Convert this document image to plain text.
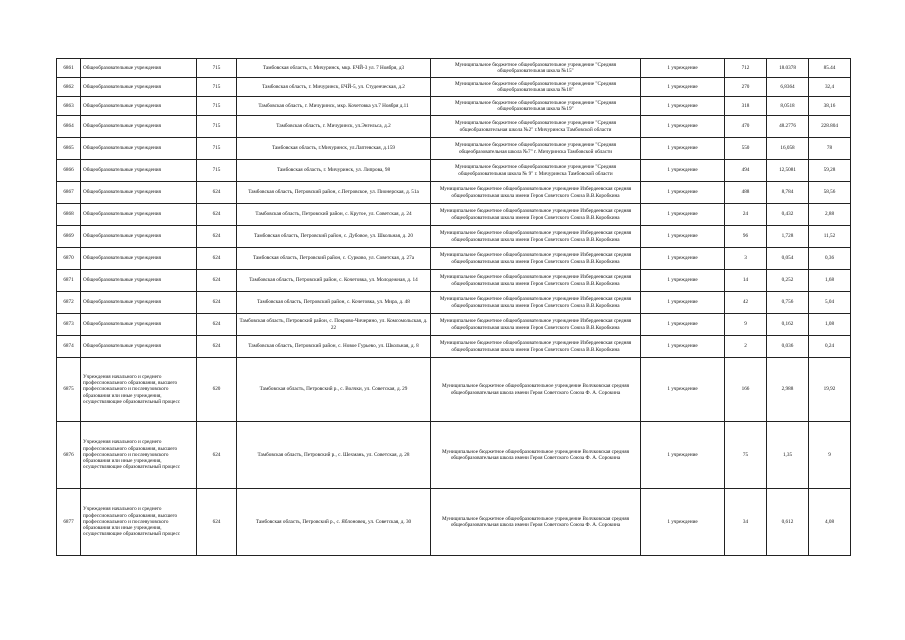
6861	Общеобразовательные учреждения	715	Тамбовская область, г. Мичуринск, мкр. ЕЧЙ-3 ул. 7 Ноября, д3	Муниципальное бюджетное общеобразовательное учреждение "Средняя общеобразовательная школа №15"	1 учреждение	712	18.0378	85.44
6862	Общеобразовательные учреждения	715	Тамбовская область, г. Мичуринск, ЕЧЙ-5, ул. Студенческая, д.2	Муниципальное бюджетное общеобразовательное учреждение "Средняя общеобразовательная школа №18"	1 учреждение	270	6,8364	32,4
6863	Общеобразовательные учреждения	715	Тамбовская область, г. Мичуринск, мкр. Кочетовка ул.7 Ноября д.11	Муниципальное бюджетное общеобразовательное учреждение "Средняя общеобразовательная школа №19"	1 учреждение	318	8,0518	38,16
6864	Общеобразовательные учреждения	715	Тамбовская область, г. Мичуринск, ул.Энгельса, д.2	Муниципальное бюджетное общеобразовательное учреждение "Средняя общеобразовательная школа №2" г.Мичуринска Тамбовской области	1 учреждение	470	48.2776	228.804
6865	Общеобразовательные учреждения	715	Тамбовская область, г.Мичуринск, ул.Лаптевская, д.159	Муниципальное бюджетное общеобразовательное учреждение "Средняя общеобразовательная школа №7" г. Мичуринска Тамбовской области	1 учреждение	550	16,058	78
6866	Общеобразовательные учреждения	715	Тамбовская область, г. Мичуринск, ул. Липрова, 98	Муниципальное бюджетное общеобразовательное учреждение "Средняя общеобразовательная школа № 9" г. Мичуринска Тамбовской области	1 учреждение	494	12,5081	59,28
6867	Общеобразовательные учреждения	624	Тамбовская область, Петровский район, с.Петровское, ул. Пионерская, д. 51а	Муниципальное бюджетное общеобразовательное учреждение Избердеевская средняя общеобразовательная школа имени Героя Советского Союза В.В.Коробкина	1 учреждение	488	8,784	58,56
6868	Общеобразовательные учреждения	624	Тамбовская область, Петровский район, с. Крутое, ул. Советская, д. 24	Муниципальное бюджетное общеобразовательное учреждение Избердеевская средняя общеобразовательная школа имени Героя Советского Союза В.В.Коробкина	1 учреждение	24	0,432	2,88
6869	Общеобразовательные учреждения	624	Тамбовская область, Петровский район, с. Дубовое, ул. Школьная, д. 20	Муниципальное бюджетное общеобразовательное учреждение Избердеевская средняя общеобразовательная школа имени Героя Советского Союза В.В.Коробкина	1 учреждение	96	1,728	11,52
6870	Общеобразовательные учреждения	624	Тамбовская область, Петровский район, с. Сурково, ул. Советская, д. 27а	Муниципальное бюджетное общеобразовательное учреждение Избердеевская средняя общеобразовательная школа имени Героя Советского Союза В.В.Коробкина	1 учреждение	3	0,054	0,36
6871	Общеобразовательные учреждения	624	Тамбовская область, Петровский район, с. Кочетовка, ул. Молодежная, д. 14	Муниципальное бюджетное общеобразовательное учреждение Избердеевская средняя общеобразовательная школа имени Героя Советского Союза В.В.Коробкина	1 учреждение	14	0,252	1,68
6872	Общеобразовательные учреждения	624	Тамбовская область, Петровский район, с. Кочетовка, ул. Мира, д. 48	Муниципальное бюджетное общеобразовательное учреждение Избердеевская средняя общеобразовательная школа имени Героя Советского Союза В.В.Коробкина	1 учреждение	42	0,756	5,04
6873	Общеобразовательные учреждения	624	Тамбовская область, Петровский район, с. Покрово-Чичерино, ул. Комсомольская, д. 22	Муниципальное бюджетное общеобразовательное учреждение Избердеевская средняя общеобразовательная школа имени Героя Советского Союза В.В.Коробкина	1 учреждение	9	0,162	1,08
6874	Общеобразовательные учреждения	624	Тамбовская область, Петровский район, с. Новое Гурьево, ул. Школьная, д. 8	Муниципальное бюджетное общеобразовательное учреждение Избердеевская средняя общеобразовательная школа имени Героя Советского Союза В.В.Коробкина	1 учреждение	2	0,036	0,24
6875	Учреждения начального и среднего профессионального образования, высшего профессионального и послевузовского образования или иные учреждения, осуществляющие образовательный процесс	620	Тамбовская область, Петровский р., с. Волчки, ул. Советская, д. 29	Муниципальное бюджетное общеобразовательное учреждение Волчковская средняя общеобразовательная школа имени Героя Советского Союза Ф. А. Сорокина	1 учреждение	166	2,988	19,92
6876	Учреждения начального и среднего профессионального образования, высшего профессионального и послевузовского образования или иные учреждения, осуществляющие образовательный процесс	624	Тамбовская область, Петровский р., с. Шехмань, ул. Советская, д. 28	Муниципальное бюджетное общеобразовательное учреждение Волчковская средняя общеобразовательная школа имени Героя Советского Союза Ф. А. Сорокина	1 учреждение	75	1,35	9
6877	Учреждения начального и среднего профессионального образования, высшего профессионального и послевузовского образования или иные учреждения, осуществляющие образовательный процесс	624	Тамбовская область, Петровский р., с. Яблоновец, ул. Советская, д. 30	Муниципальное бюджетное общеобразовательное учреждение Волчковская средняя общеобразовательная школа имени Героя Советского Союза Ф. А. Сорокина	1 учреждение	34	0,612	4,08
